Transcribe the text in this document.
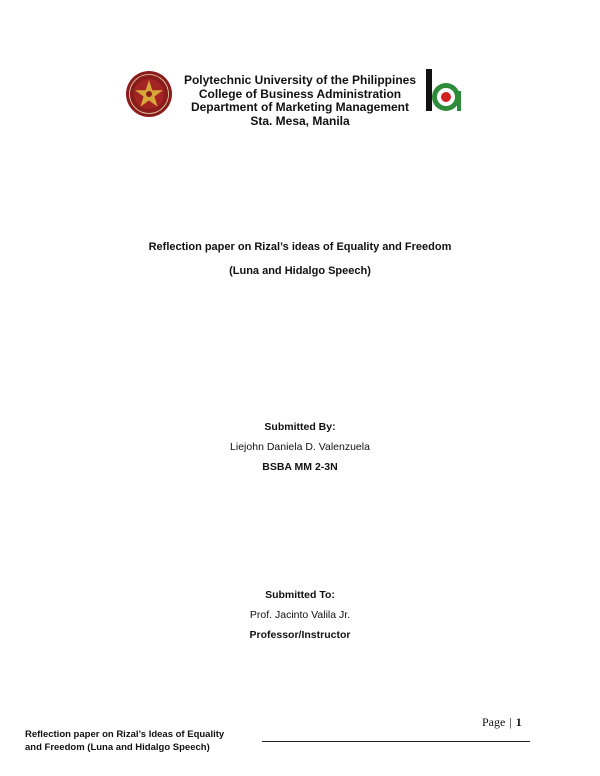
Polytechnic University of the Philippines
College of Business Administration
Department of Marketing Management
Sta. Mesa, Manila
Reflection paper on Rizal’s ideas of Equality and Freedom
(Luna and Hidalgo Speech)
Submitted By:
Liejohn Daniela D. Valenzuela
BSBA MM 2-3N
Submitted To:
Prof. Jacinto Valila Jr.
Professor/Instructor
Page | 1
Reflection paper on Rizal’s Ideas of Equality
and Freedom (Luna and Hidalgo Speech)
